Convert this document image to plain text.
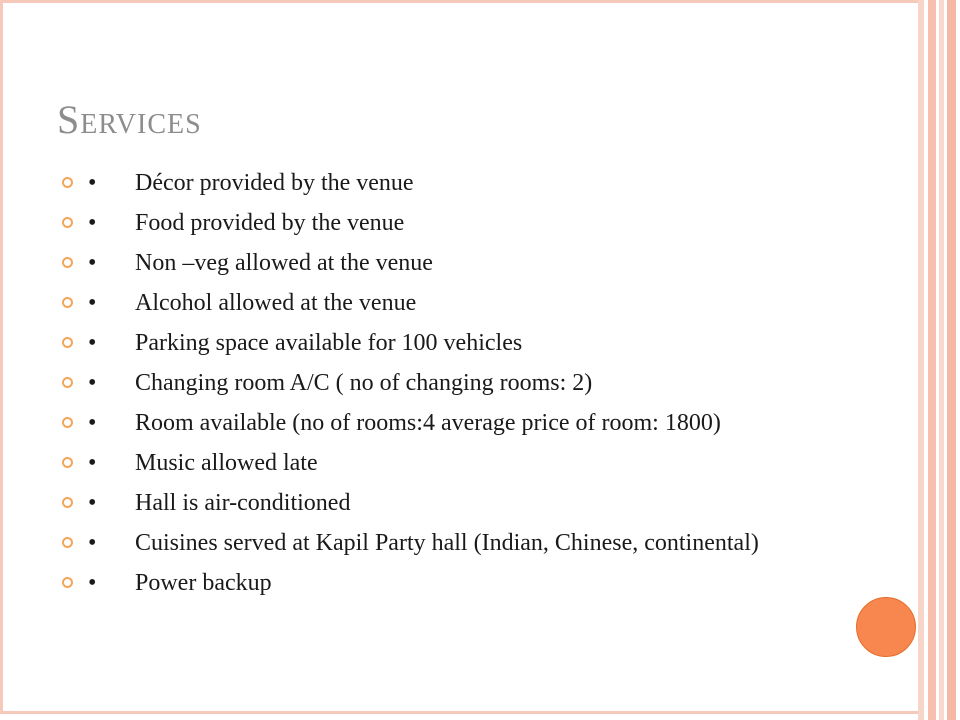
Services
• Décor provided by the venue
• Food provided by the venue
• Non –veg allowed at the venue
• Alcohol allowed at the venue
• Parking space available for 100 vehicles
• Changing room A/C ( no of changing rooms: 2)
• Room available (no of rooms:4 average price of room: 1800)
• Music allowed late
• Hall is air-conditioned
• Cuisines served at Kapil Party hall (Indian, Chinese, continental)
• Power backup
